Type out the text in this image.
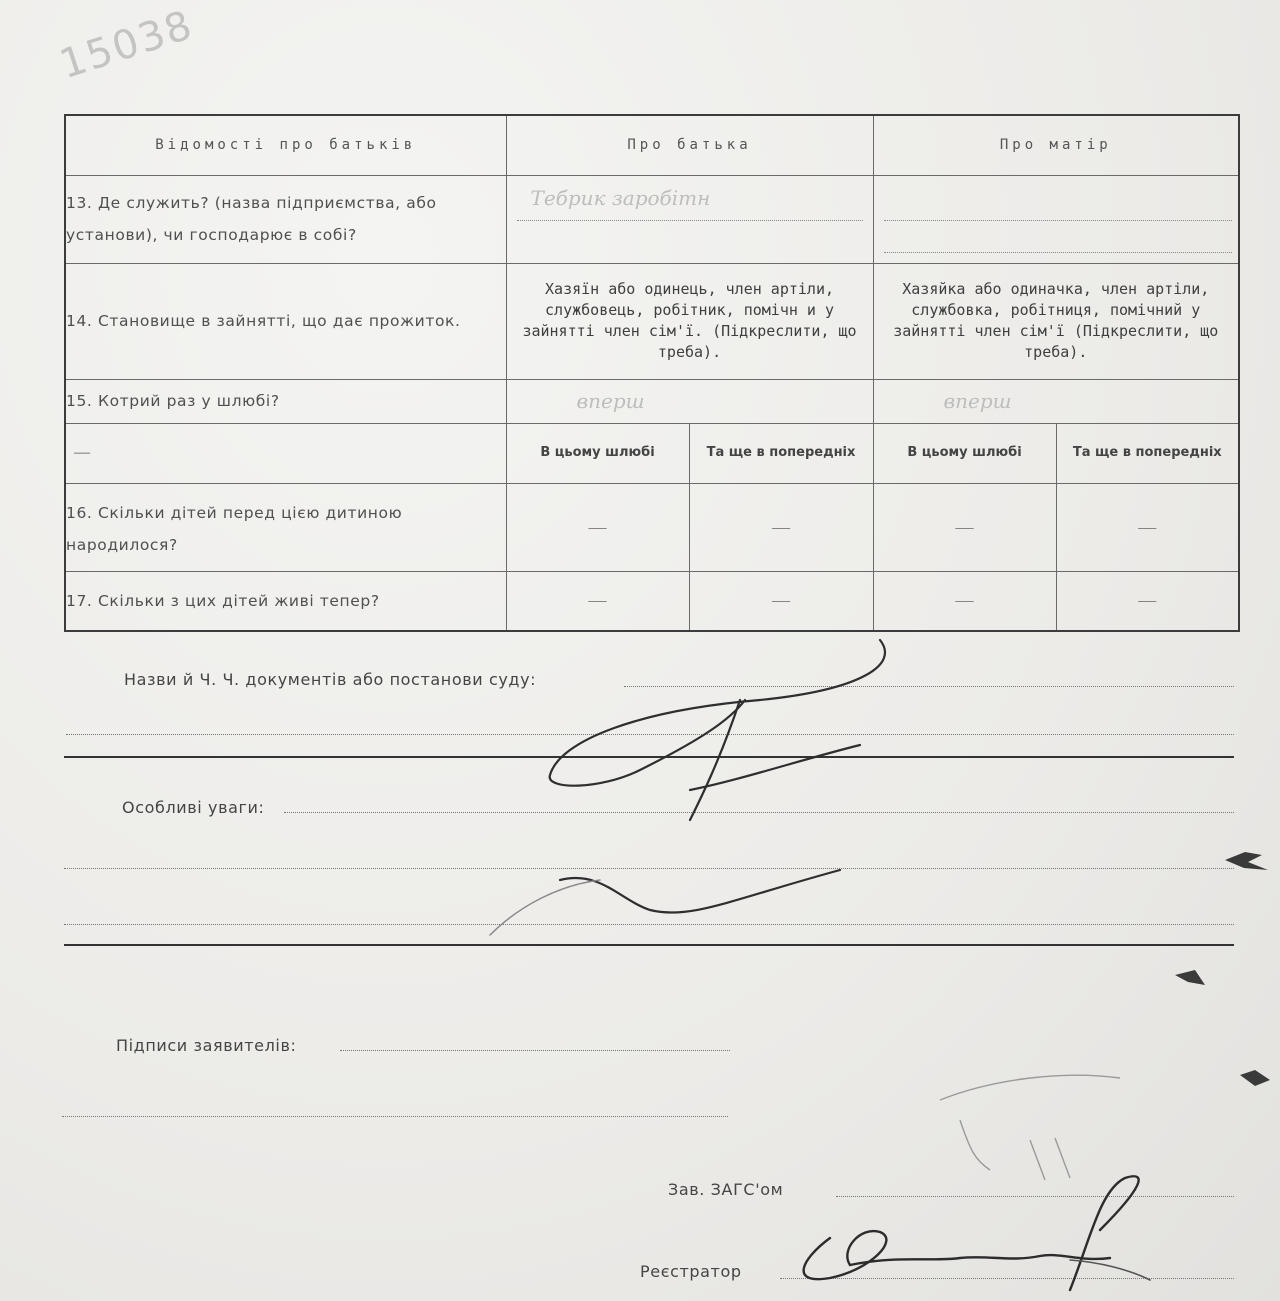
15038
Відомості про батьків	Про батька		Про матір	
13. Де служить? (назва підприємства, або установи), чи господарює в собі?	Тебрик заробітн			

14. Становище в зайнятті, що дає прожиток.	Хазяїн або одинець, член артіли, службовець, робітник, помічн и у зайнятті член сім'ї. (Підкреслити, що треба).		Хазяйка або одиначка, член артіли, службовка, робітниця, помічний у зайнятті член сім'ї (Підкреслити, що треба).	
15. Котрий раз у шлюбі?	вперш		вперш	
—	В цьому шлюбі	Та ще в попередніх	В цьому шлюбі	Та ще в попередніх
16. Скільки дітей перед цією дитиною народилося?	—	—	—	—
17. Скільки з цих дітей живі тепер?	—	—	—	—
Назви й Ч. Ч. документів або постанови суду:
Особливі уваги:
Підписи заявителів:
Зав. ЗАГС'ом
Реєстратор
